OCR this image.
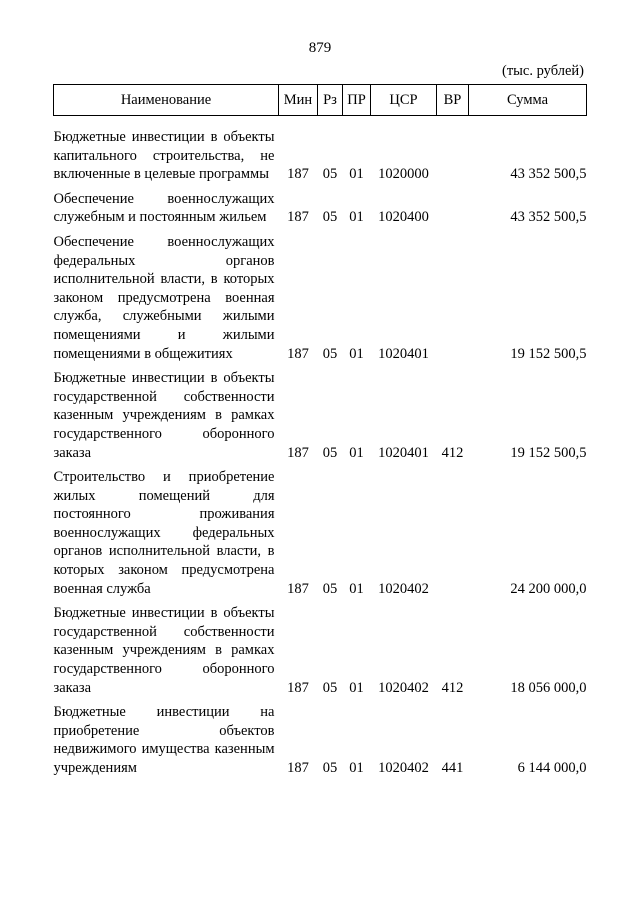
879
(тыс. рублей)
Наименование	Мин	Рз	ПР	ЦСР	ВР	Сумма
Бюджетные инвестиции в объекты капитального строительства, не включенные в целевые программы	187	05	01	1020000		43 352 500,5
Обеспечение военнослужащих служебным и постоянным жильем	187	05	01	1020400		43 352 500,5
Обеспечение военнослужащих федеральных органов исполнительной власти, в которых законом предусмотрена военная служба, служебными жилыми помещениями и жилыми помещениями в общежитиях	187	05	01	1020401		19 152 500,5
Бюджетные инвестиции в объекты государственной собственности казенным учреждениям в рамках государственного оборонного заказа	187	05	01	1020401	412	19 152 500,5
Строительство и приобретение жилых помещений для постоянного проживания военнослужащих федеральных органов исполнительной власти, в которых законом предусмотрена военная служба	187	05	01	1020402		24 200 000,0
Бюджетные инвестиции в объекты государственной собственности казенным учреждениям в рамках государственного оборонного заказа	187	05	01	1020402	412	18 056 000,0
Бюджетные инвестиции на приобретение объектов недвижимого имущества казенным учреждениям	187	05	01	1020402	441	6 144 000,0
